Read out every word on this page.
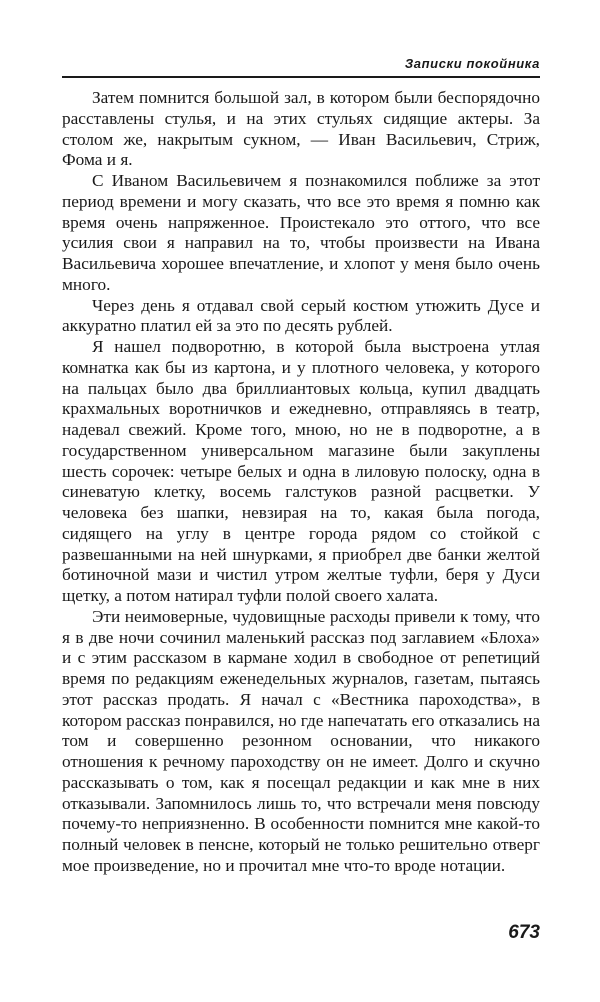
Записки покойника

Затем помнится большой зал, в котором были беспорядочно расставлены стулья, и на этих стульях сидящие актеры. За столом же, накрытым сукном, — Иван Васильевич, Стриж, Фома и я.

С Иваном Васильевичем я познакомился поближе за этот период времени и могу сказать, что все это время я помню как время очень напряженное. Проистекало это оттого, что все усилия свои я направил на то, чтобы произвести на Ивана Васильевича хорошее впечатление, и хлопот у меня было очень много.

Через день я отдавал свой серый костюм утюжить Дусе и аккуратно платил ей за это по десять рублей.

Я нашел подворотню, в которой была выстроена утлая комнатка как бы из картона, и у плотного человека, у которого на пальцах было два бриллиантовых кольца, купил двадцать крахмальных воротничков и ежедневно, отправляясь в театр, надевал свежий. Кроме того, мною, но не в подворотне, а в государственном универсальном магазине были закуплены шесть сорочек: четыре белых и одна в лиловую полоску, одна в синеватую клетку, восемь галстуков разной расцветки. У человека без шапки, невзирая на то, какая была погода, сидящего на углу в центре города рядом со стойкой с развешанными на ней шнурками, я приобрел две банки желтой ботиночной мази и чистил утром желтые туфли, беря у Дуси щетку, а потом натирал туфли полой своего халата.

Эти неимоверные, чудовищные расходы привели к тому, что я в две ночи сочинил маленький рассказ под заглавием «Блоха» и с этим рассказом в кармане ходил в свободное от репетиций время по редакциям еженедельных журналов, газетам, пытаясь этот рассказ продать. Я начал с «Вестника пароходства», в котором рассказ понравился, но где напечатать его отказались на том и совершенно резонном основании, что никакого отношения к речному пароходству он не имеет. Долго и скучно рассказывать о том, как я посещал редакции и как мне в них отказывали. Запомнилось лишь то, что встречали меня повсюду почему-то неприязненно. В особенности помнится мне какой-то полный человек в пенсне, который не только решительно отверг мое произведение, но и прочитал мне что-то вроде нотации.

673
